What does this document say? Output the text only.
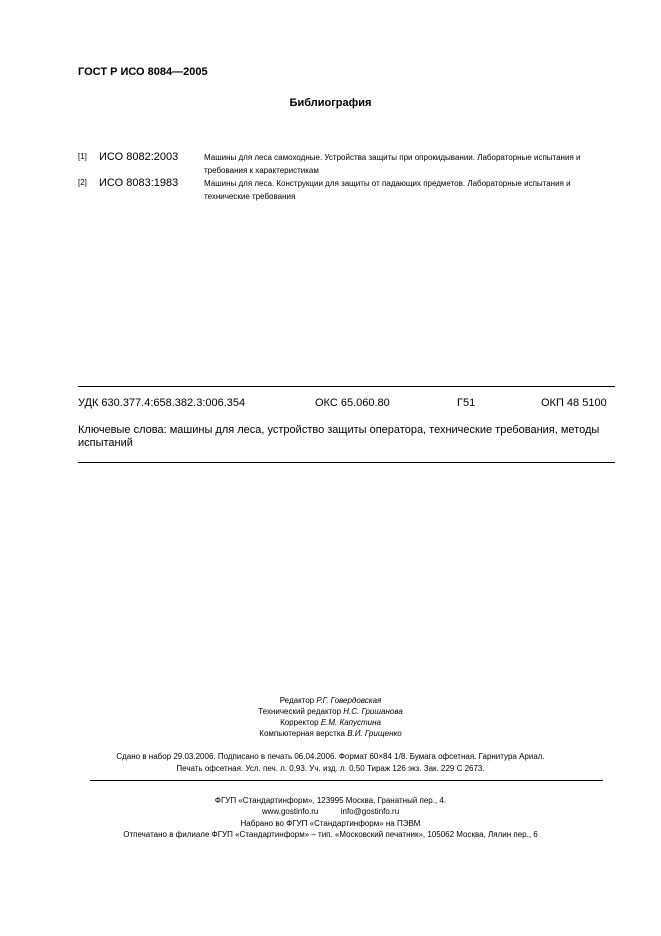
ГОСТ Р ИСО 8084—2005
Библиография
[1] ИСО 8082:2003	Машины для леса самоходные. Устройства защиты при опрокидывании. Лабораторные испытания и требования к характеристикам
[2] ИСО 8083:1983	Машины для леса. Конструкции для защиты от падающих предметов. Лабораторные испытания и технические требования
УДК 630.377.4:658.382.3:006.354	ОКС 65.060.80	Г51	ОКП 48 5100
Ключевые слова: машины для леса, устройство защиты оператора, технические требования, методы испытаний
Редактор Р.Г. Говердовская
Технический редактор Н.С. Гришанова
Корректор Е.М. Капустина
Компьютерная верстка В.И. Грищенко
Сдано в набор 29.03.2006. Подписано в печать 06.04.2006. Формат 60×84 1/8. Бумага офсетная. Гарнитура Ариал.
Печать офсетная. Усл. печ. л. 0,93. Уч. изд. л. 0,50 Тираж 126 экз. Зак. 229 С 2673.
ФГУП «Стандартинформ», 123995 Москва, Гранатный пер., 4.
www.gostinfo.ru	info@gostinfo.ru
Набрано во ФГУП «Стандартинформ» на ПЭВМ
Отпечатано в филиале ФГУП «Стандартинформ» – тип. «Московский печатник», 105062 Москва, Лялин пер., 6
